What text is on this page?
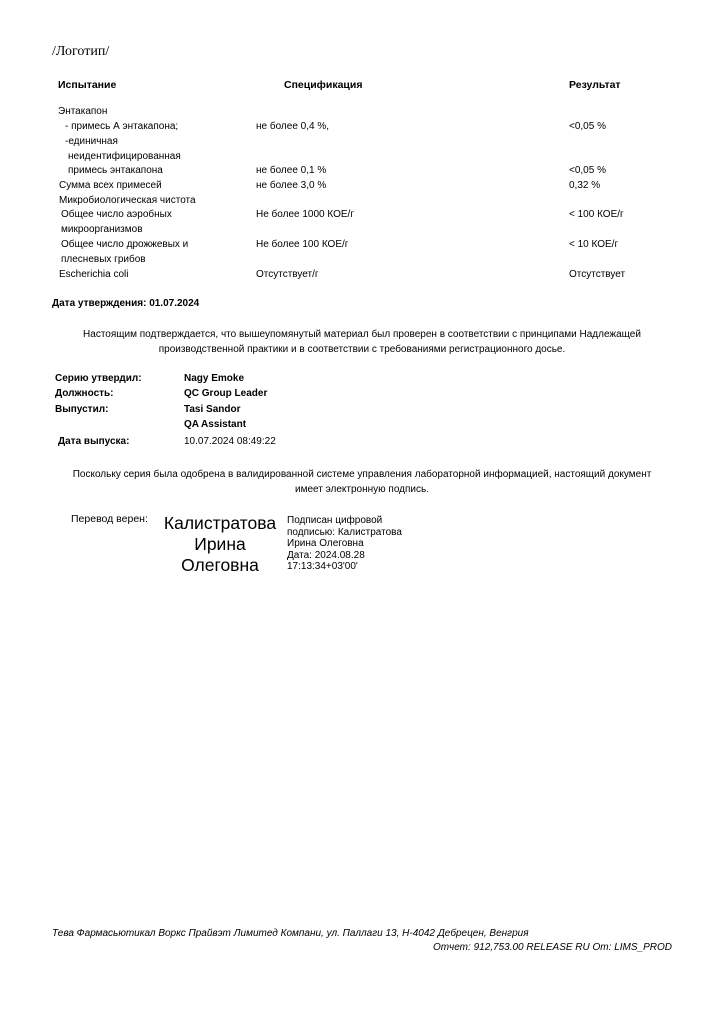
/Логотип/
Испытание	Спецификация	Результат
Энтакапон
- примесь А энтакапона;	не более 0,4 %,	<0,05 %
-единичная
неидентифицированная
примесь энтакапона	не более 0,1 %	<0,05 %
Сумма всех примесей	не более 3,0 %	0,32 %
Микробиологическая чистота
Общее число аэробных	Не более 1000 КОЕ/г	< 100 КОЕ/г
микроорганизмов
Общее число дрожжевых и	Не более 100 КОЕ/г	< 10 КОЕ/г
плесневых грибов
Escherichia coli	Отсутствует/г	Отсутствует
Дата утверждения: 01.07.2024
Настоящим подтверждается, что вышеупомянутый материал был проверен в соответствии с принципами Надлежащей производственной практики и в соответствии с требованиями регистрационного досье.
Серию утвердил:	Nagy Emoke
Должность:	QC Group Leader
Выпустил:	Tasi Sandor
QA Assistant
Дата выпуска:	10.07.2024 08:49:22
Поскольку серия была одобрена в валидированной системе управления лабораторной информацией, настоящий документ имеет электронную подпись.
Перевод верен: Калистратова
Ирина
Олеговна
Подписан цифровой
подписью: Калистратова
Ирина Олеговна
Дата: 2024.08.28
17:13:34+03'00'
Тева Фармасьютикал Воркс Прайвэт Лимитед Компани, ул. Паллаги 13, Н-4042 Дебрецен, Венгрия
Отчет: 912,753.00 RELEASE RU От: LIMS_PROD
